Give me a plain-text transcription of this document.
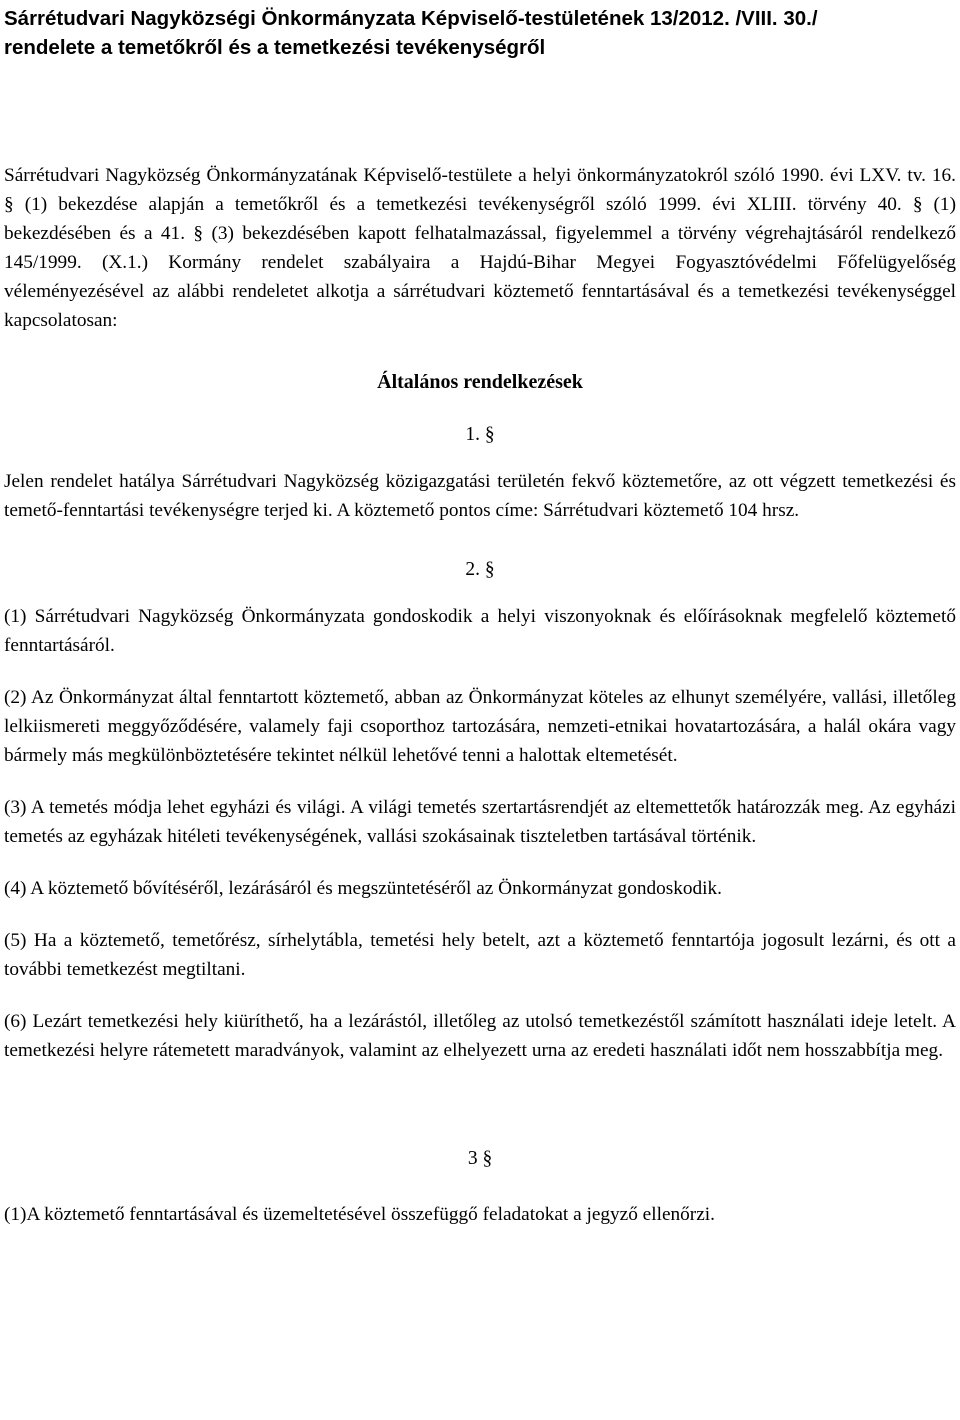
Sárrétudvari Nagyközségi Önkormányzata Képviselő-testületének 13/2012. /VIII. 30./
rendelete a temetőkről és a temetkezési tevékenységről

Sárrétudvari Nagyközség Önkormányzatának Képviselő-testülete a helyi önkormányzatokról szóló 1990. évi LXV. tv. 16. § (1) bekezdése alapján a temetőkről és a temetkezési tevékenységről szóló 1999. évi XLIII. törvény 40. § (1) bekezdésében és a 41. § (3) bekezdésében kapott felhatalmazással, figyelemmel a törvény végrehajtásáról rendelkező 145/1999. (X.1.) Kormány rendelet szabályaira a Hajdú-Bihar Megyei Fogyasztóvédelmi Főfelügyelőség véleményezésével az alábbi rendeletet alkotja a sárrétudvari köztemető fenntartásával és a temetkezési tevékenységgel kapcsolatosan:

Általános rendelkezések
1. §

Jelen rendelet hatálya Sárrétudvari Nagyközség közigazgatási területén fekvő köztemetőre, az ott végzett temetkezési és temető-fenntartási tevékenységre terjed ki. A köztemető pontos címe: Sárrétudvari köztemető 104 hrsz.

2. §

(1) Sárrétudvari Nagyközség Önkormányzata gondoskodik a helyi viszonyoknak és előírásoknak megfelelő köztemető fenntartásáról.

(2) Az Önkormányzat által fenntartott köztemető, abban az Önkormányzat köteles az elhunyt személyére, vallási, illetőleg lelkiismereti meggyőződésére, valamely faji csoporthoz tartozására, nemzeti-etnikai hovatartozására, a halál okára vagy bármely más megkülönböztetésére tekintet nélkül lehetővé tenni a halottak eltemetését.

(3) A temetés módja lehet egyházi és világi. A világi temetés szertartásrendjét az eltemettetők határozzák meg. Az egyházi temetés az egyházak hitéleti tevékenységének, vallási szokásainak tiszteletben tartásával történik.

(4) A köztemető bővítéséről, lezárásáról és megszüntetéséről az Önkormányzat gondoskodik.

(5) Ha a köztemető, temetőrész, sírhelytábla, temetési hely betelt, azt a köztemető fenntartója jogosult lezárni, és ott a további temetkezést megtiltani.

(6) Lezárt temetkezési hely kiüríthető, ha a lezárástól, illetőleg az utolsó temetkezéstől számított használati ideje letelt. A temetkezési helyre rátemetett maradványok, valamint az elhelyezett urna az eredeti használati időt nem hosszabbítja meg.

3 §

(1)A köztemető fenntartásával és üzemeltetésével összefüggő feladatokat a jegyző ellenőrzi.
